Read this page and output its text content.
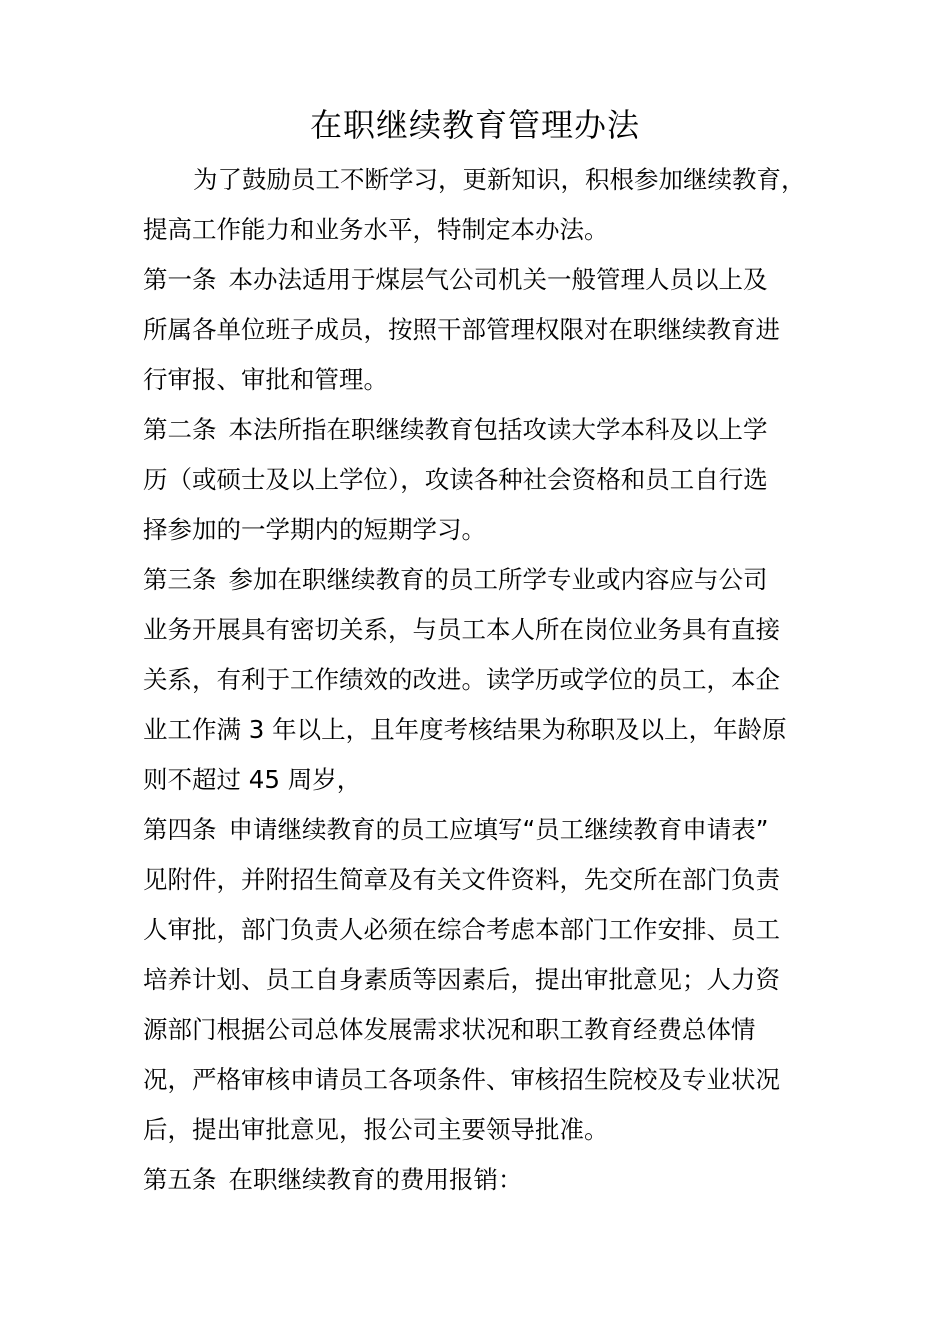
在职继续教育管理办法
为了鼓励员工不断学习，更新知识，积根参加继续教育，
提高工作能力和业务水平，特制定本办法。
第一条 本办法适用于煤层气公司机关一般管理人员以上及
所属各单位班子成员，按照干部管理权限对在职继续教育进
行审报、审批和管理。
第二条 本法所指在职继续教育包括攻读大学本科及以上学
历（或硕士及以上学位），攻读各种社会资格和员工自行选
择参加的一学期内的短期学习。
第三条 参加在职继续教育的员工所学专业或内容应与公司
业务开展具有密切关系，与员工本人所在岗位业务具有直接
关系，有利于工作绩效的改进。读学历或学位的员工，本企
业工作满 3 年以上，且年度考核结果为称职及以上，年龄原
则不超过 45 周岁，
第四条 申请继续教育的员工应填写“员工继续教育申请表”
见附件，并附招生简章及有关文件资料，先交所在部门负责
人审批，部门负责人必须在综合考虑本部门工作安排、员工
培养计划、员工自身素质等因素后，提出审批意见；人力资
源部门根据公司总体发展需求状况和职工教育经费总体情
况，严格审核申请员工各项条件、审核招生院校及专业状况
后，提出审批意见，报公司主要领导批准。
第五条 在职继续教育的费用报销：
